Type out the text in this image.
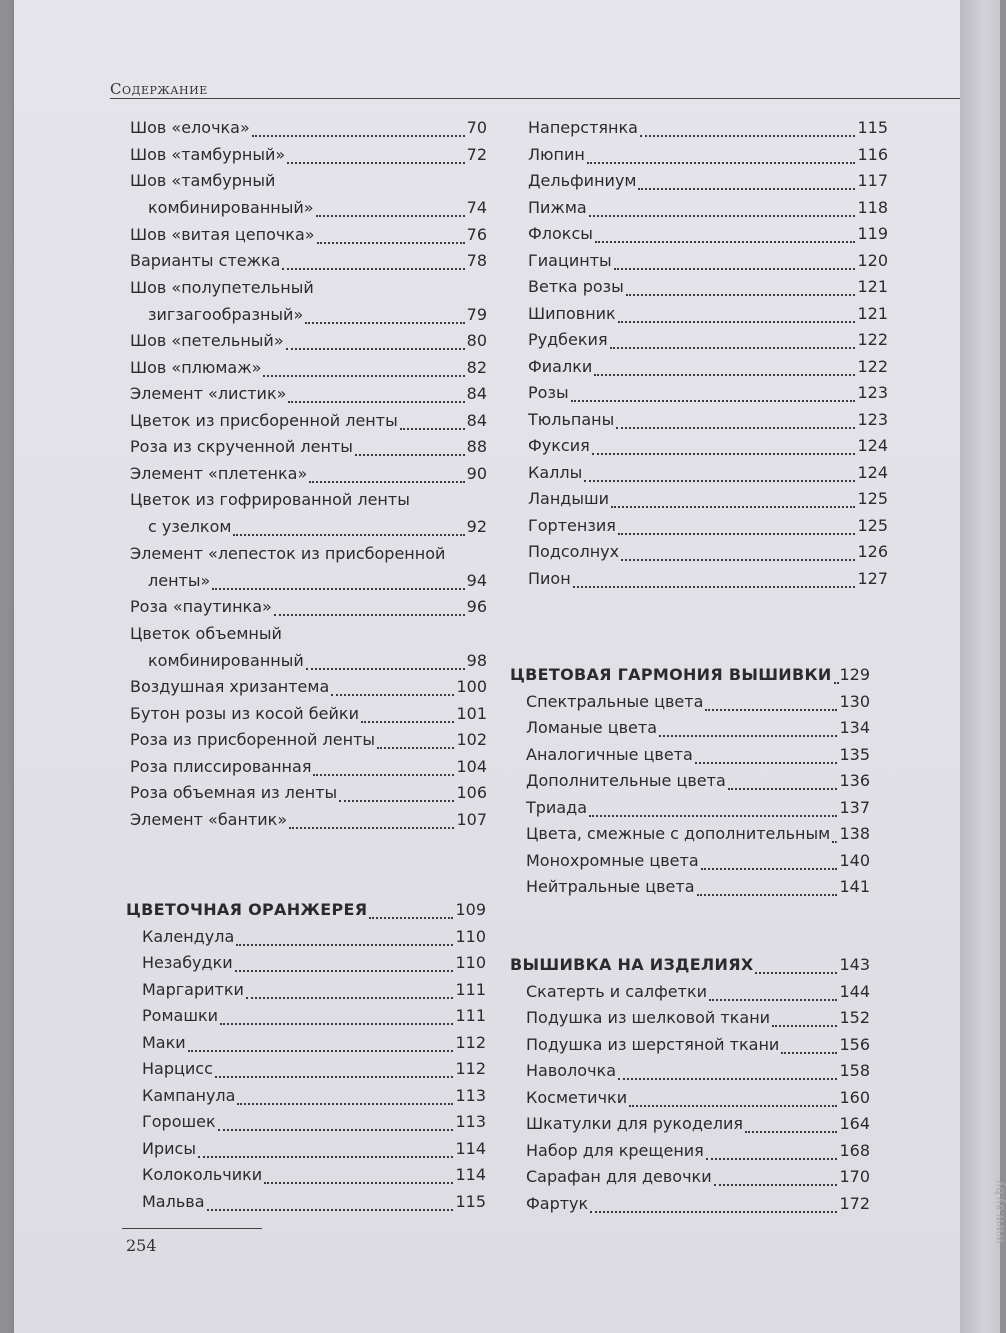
Содержание
Шов «елочка»	70
Шов «тамбурный»	72
Шов «тамбурный
комбинированный»	74
Шов «витая цепочка»	76
Варианты стежка	78
Шов «полупетельный
зигзагообразный»	79
Шов «петельный»	80
Шов «плюмаж»	82
Элемент «листик»	84
Цветок из присборенной ленты	84
Роза из скрученной ленты	88
Элемент «плетенка»	90
Цветок из гофрированной ленты
с узелком	92
Элемент «лепесток из присборенной
ленты»	94
Роза «паутинка»	96
Цветок объемный
комбинированный	98
Воздушная хризантема	100
Бутон розы из косой бейки	101
Роза из присборенной ленты	102
Роза плиссированная	104
Роза объемная из ленты	106
Элемент «бантик»	107
ЦВЕТОЧНАЯ ОРАНЖЕРЕЯ	109
Календула	110
Незабудки	110
Маргаритки	111
Ромашки	111
Маки	112
Нарцисс	112
Кампанула	113
Горошек	113
Ирисы	114
Колокольчики	114
Мальва	115
Наперстянка	115
Люпин	116
Дельфиниум	117
Пижма	118
Флоксы	119
Гиацинты	120
Ветка розы	121
Шиповник	121
Рудбекия	122
Фиалки	122
Розы	123
Тюльпаны	123
Фуксия	124
Каллы	124
Ландыши	125
Гортензия	125
Подсолнух	126
Пион	127
ЦВЕТОВАЯ ГАРМОНИЯ ВЫШИВКИ 129
Спектральные цвета	130
Ломаные цвета	134
Аналогичные цвета	135
Дополнительные цвета	136
Триада	137
Цвета, смежные с дополнительным 138
Монохромные цвета	140
Нейтральные цвета	141
ВЫШИВКА НА ИЗДЕЛИЯХ	143
Скатерть и салфетки	144
Подушка из шелковой ткани	152
Подушка из шерстяной ткани	156
Наволочка	158
Косметички	160
Шкатулки для рукоделия	164
Набор для крещения	168
Сарафан для девочки	170
Фартук	172
254
www.ay.by
